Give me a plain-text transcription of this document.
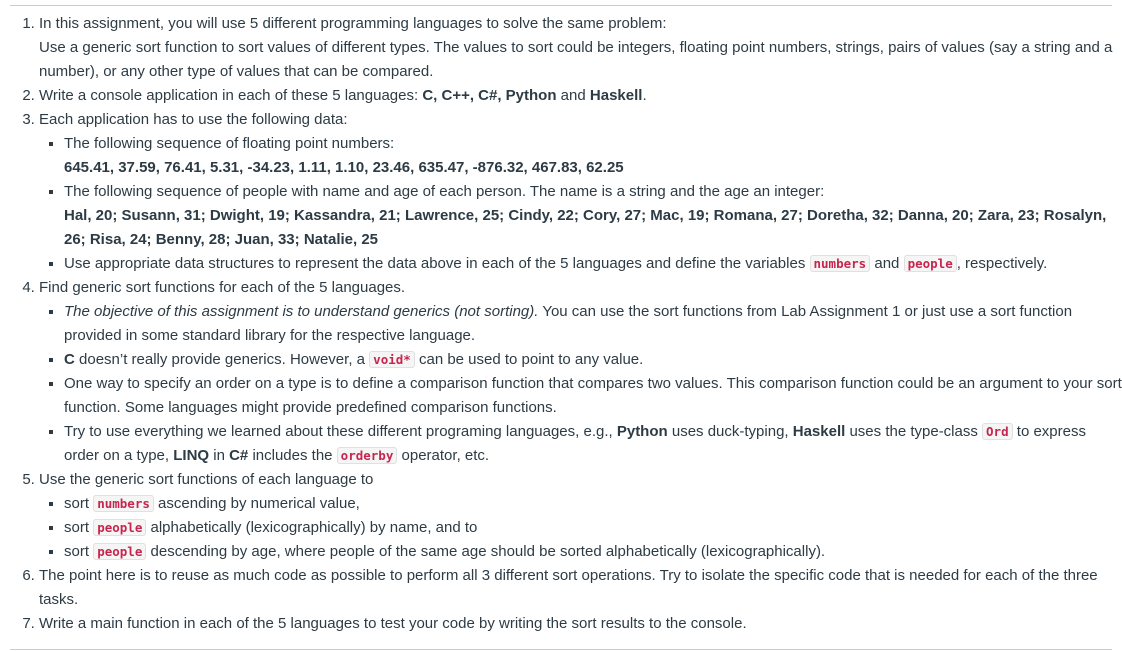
1. In this assignment, you will use 5 different programming languages to solve the same problem:
Use a generic sort function to sort values of different types. The values to sort could be integers, floating point numbers, strings, pairs of values (say a string and a number), or any other type of values that can be compared.
2. Write a console application in each of these 5 languages: C, C++, C#, Python and Haskell.
3. Each application has to use the following data:
▪ The following sequence of floating point numbers:
645.41, 37.59, 76.41, 5.31, -34.23, 1.11, 1.10, 23.46, 635.47, -876.32, 467.83, 62.25
▪ The following sequence of people with name and age of each person. The name is a string and the age an integer:
Hal, 20; Susann, 31; Dwight, 19; Kassandra, 21; Lawrence, 25; Cindy, 22; Cory, 27; Mac, 19; Romana, 27; Doretha, 32; Danna, 20; Zara, 23; Rosalyn, 26; Risa, 24; Benny, 28; Juan, 33; Natalie, 25
▪ Use appropriate data structures to represent the data above in each of the 5 languages and define the variables numbers and people , respectively.
4. Find generic sort functions for each of the 5 languages.
▪ The objective of this assignment is to understand generics (not sorting). You can use the sort functions from Lab Assignment 1 or just use a sort function provided in some standard library for the respective language.
▪ C doesn’t really provide generics. However, a void* can be used to point to any value.
▪ One way to specify an order on a type is to define a comparison function that compares two values. This comparison function could be an argument to your sort function. Some languages might provide predefined comparison functions.
▪ Try to use everything we learned about these different programing languages, e.g., Python uses duck-typing, Haskell uses the type-class Ord to express order on a type, LINQ in C# includes the orderby operator, etc.
5. Use the generic sort functions of each language to
▪ sort numbers ascending by numerical value,
▪ sort people alphabetically (lexicographically) by name, and to
▪ sort people descending by age, where people of the same age should be sorted alphabetically (lexicographically).
6. The point here is to reuse as much code as possible to perform all 3 different sort operations. Try to isolate the specific code that is needed for each of the three tasks.
7. Write a main function in each of the 5 languages to test your code by writing the sort results to the console.
